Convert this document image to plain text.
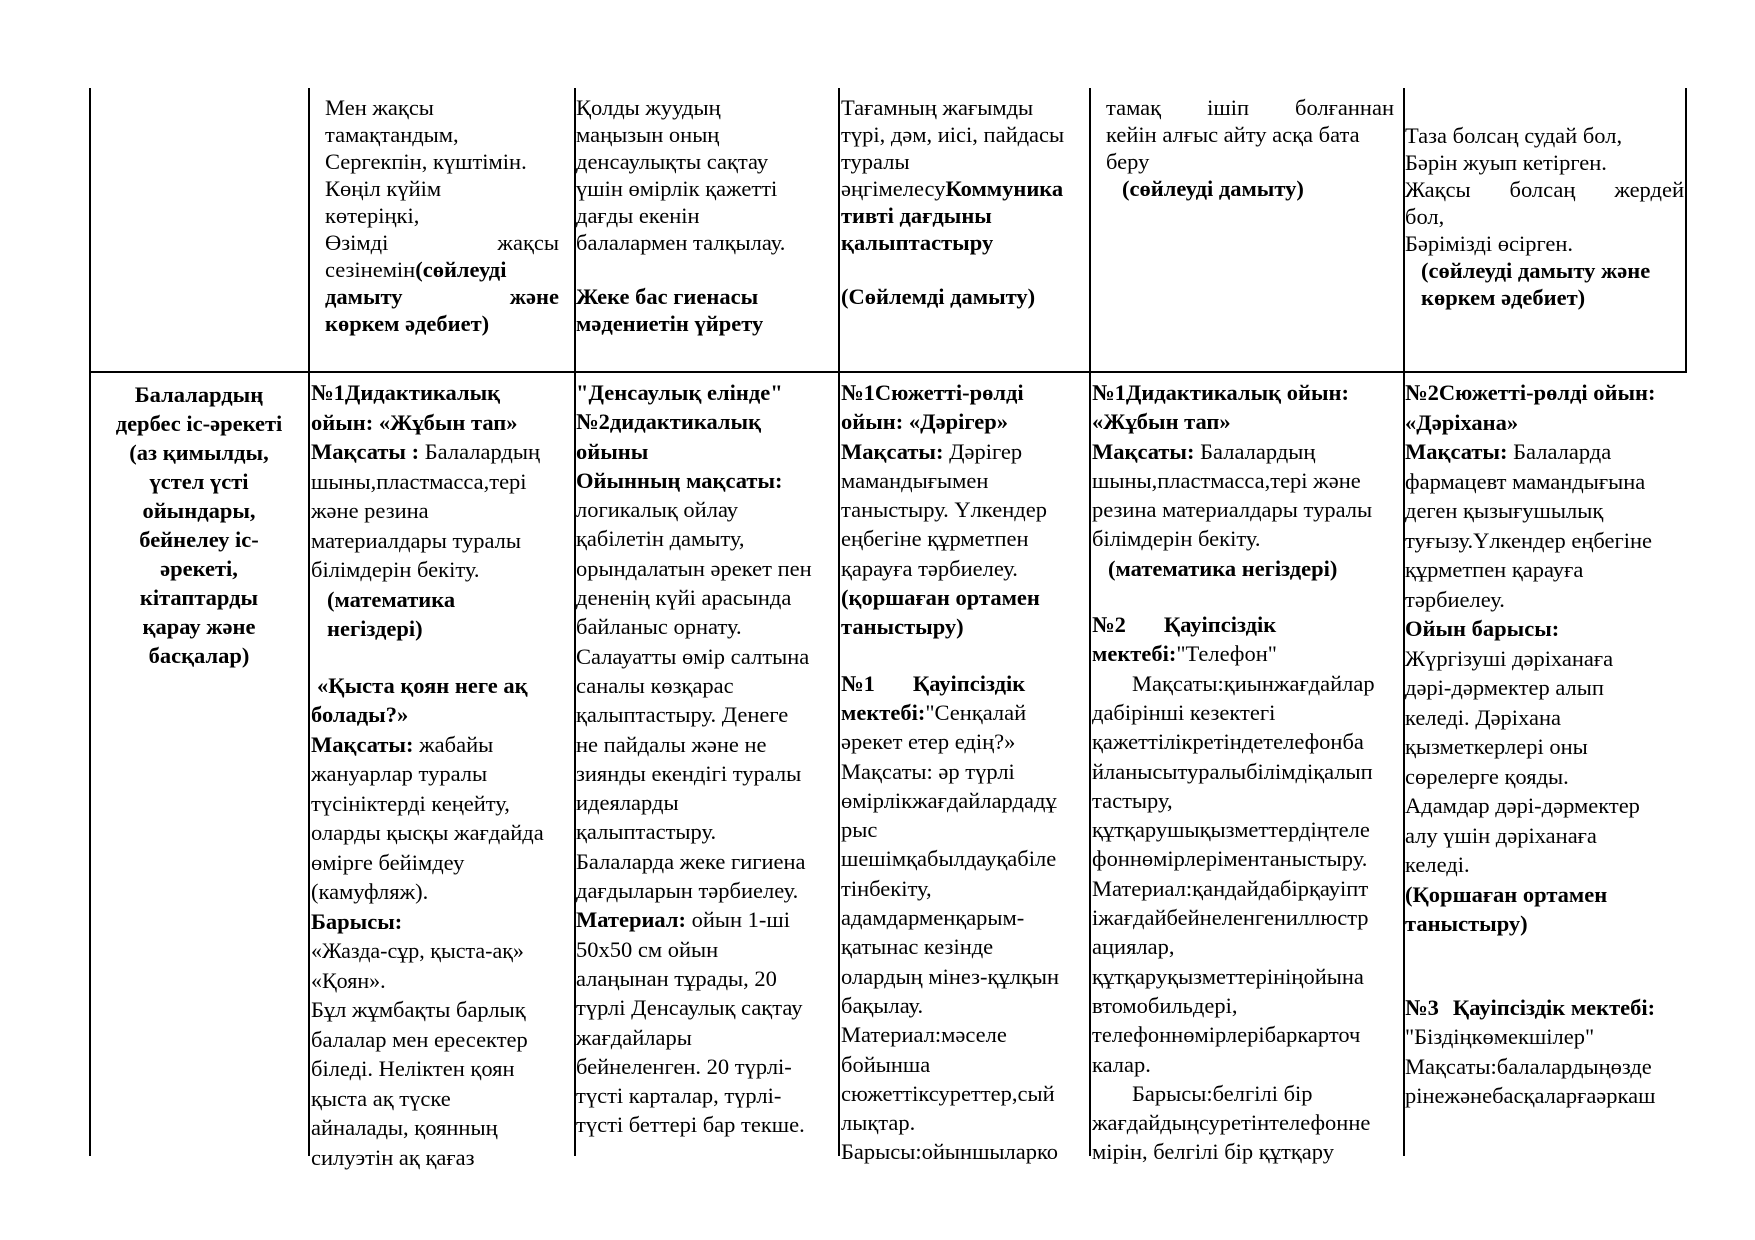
Мен жақсы

тамақтандым,

Сергекпін, күштімін.

Көңіл күйім

көтеріңкі,

Өзімді жақсы

сезінемін(сөйлеуді

дамыту және

көркем әдебиет)

Қолды жуудың

маңызын оның

денсаулықты сақтау

үшін өмірлік қажетті

дағды екенін

балалармен талқылау.

Жеке бас гиенасы

мәдениетін үйрету

Тағамның жағымды

түрі, дәм, иісі, пайдасы

туралы

әңгімелесуКоммуника

тивті дағдыны

қалыптастыру

(Сөйлемді дамыту)

тамақ ішіп болғаннан

кейін алғыс айту асқа бата

беру

(сөйлеуді дамыту)

Таза болсаң судай бол,

Бәрін жуып кетірген.

Жақсы болсаң жердей

бол,

Бәрімізді өсірген.

(сөйлеуді дамыту және

көркем әдебиет)

Балалардың

дербес іс-әрекеті

(аз қимылды,

үстел үсті

ойындары,

бейнелеу іс-

әрекеті,

кітаптарды

қарау және

басқалар)

№1Дидактикалық

ойын: «Жұбын тап»

Мақсаты : Балалардың

шыны,пластмасса,тері

және резина

материалдары туралы

білімдерін бекіту.

(математика

негіздері)

«Қыста қоян неге ақ

болады?»

Мақсаты: жабайы

жануарлар туралы

түсініктерді кеңейту,

оларды қысқы жағдайда

өмірге бейімдеу

(камуфляж).

Барысы:

«Жазда-сұр, қыста-ақ»

«Қоян».

Бұл жұмбақты барлық

балалар мен ересектер

біледі. Неліктен қоян

қыста ақ түске

айналады, қоянның

силуэтін ақ қағаз

"Денсаулық елінде"

№2дидактикалық

ойыны

Ойынның мақсаты:

логикалық ойлау

қабілетін дамыту,

орындалатын әрекет пен

дененің күйі арасында

байланыс орнату.

Салауатты өмір салтына

саналы көзқарас

қалыптастыру. Денеге

не пайдалы және не

зиянды екендігі туралы

идеяларды

қалыптастыру.

Балаларда жеке гигиена

дағдыларын тәрбиелеу.

Материал: ойын 1-ші

50х50 см ойын

алаңынан тұрады, 20

түрлі Денсаулық сақтау

жағдайлары

бейнеленген. 20 түрлі-

түсті карталар, түрлі-

түсті беттері бар текше.

№1Сюжетті-рөлді

ойын: «Дәрігер»

Мақсаты: Дәрігер

мамандығымен

таныстыру. Үлкендер

еңбегіне құрметпен

қарауға тәрбиелеу.

(қоршаған ортамен

таныстыру)

№1 Қауіпсіздік

мектебі:"Сенқалай

әрекет етер едің?»

Мақсаты: әр түрлі

өмірлікжағдайлардадұ

рыс

шешімқабылдауқабіле

тінбекіту,

адамдарменқарым-

қатынас кезінде

олардың мінез-құлқын

бақылау.

Материал:мәселе

бойынша

сюжеттіксуреттер,сый

лықтар.

Барысы:ойыншыларко

№1Дидактикалық ойын:

«Жұбын тап»

Мақсаты: Балалардың

шыны,пластмасса,тері және

резина материалдары туралы

білімдерін бекіту.

(математика негіздері)

№2 Қауіпсіздік

мектебі:"Телефон"

Мақсаты:қиынжағдайлар

дабіріншi кезектегі

қажеттілікретіндетелефонба

йланысытуралыбілімдіқалып

тастыру,

құтқарушықызметтердіңтеле

фоннөмірлеріментаныстыру.

Материал:қандайдабірқауіпт

іжағдайбейнеленгениллюстр

ациялар,

құтқаруқызметтерініңойына

втомобильдері,

телефоннөмірлерібаркарточ

калар.

Барысы:белгілі бір

жағдайдыңсуретінтелефонне

мірін, белгілі бір құтқару

№2Сюжетті-рөлді ойын:

«Дәріхана»

Мақсаты: Балаларда

фармацевт мамандығына

деген қызығушылық

туғызу.Үлкендер еңбегіне

құрметпен қарауға

тәрбиелеу.

Ойын барысы:

Жүргізуші дәріханаға

дәрі-дәрмектер алып

келеді. Дәріхана

қызметкерлері оны

сөрелерге қояды.

Адамдар дәрі-дәрмектер

алу үшін дәріханаға

келеді.

(Қоршаған ортамен

таныстыру)

№3 Қауіпсіздік мектебі:

"Біздіңкөмекшілер"

Мақсаты:балалардыңөзде

рінежәнебасқаларғаәркаш
